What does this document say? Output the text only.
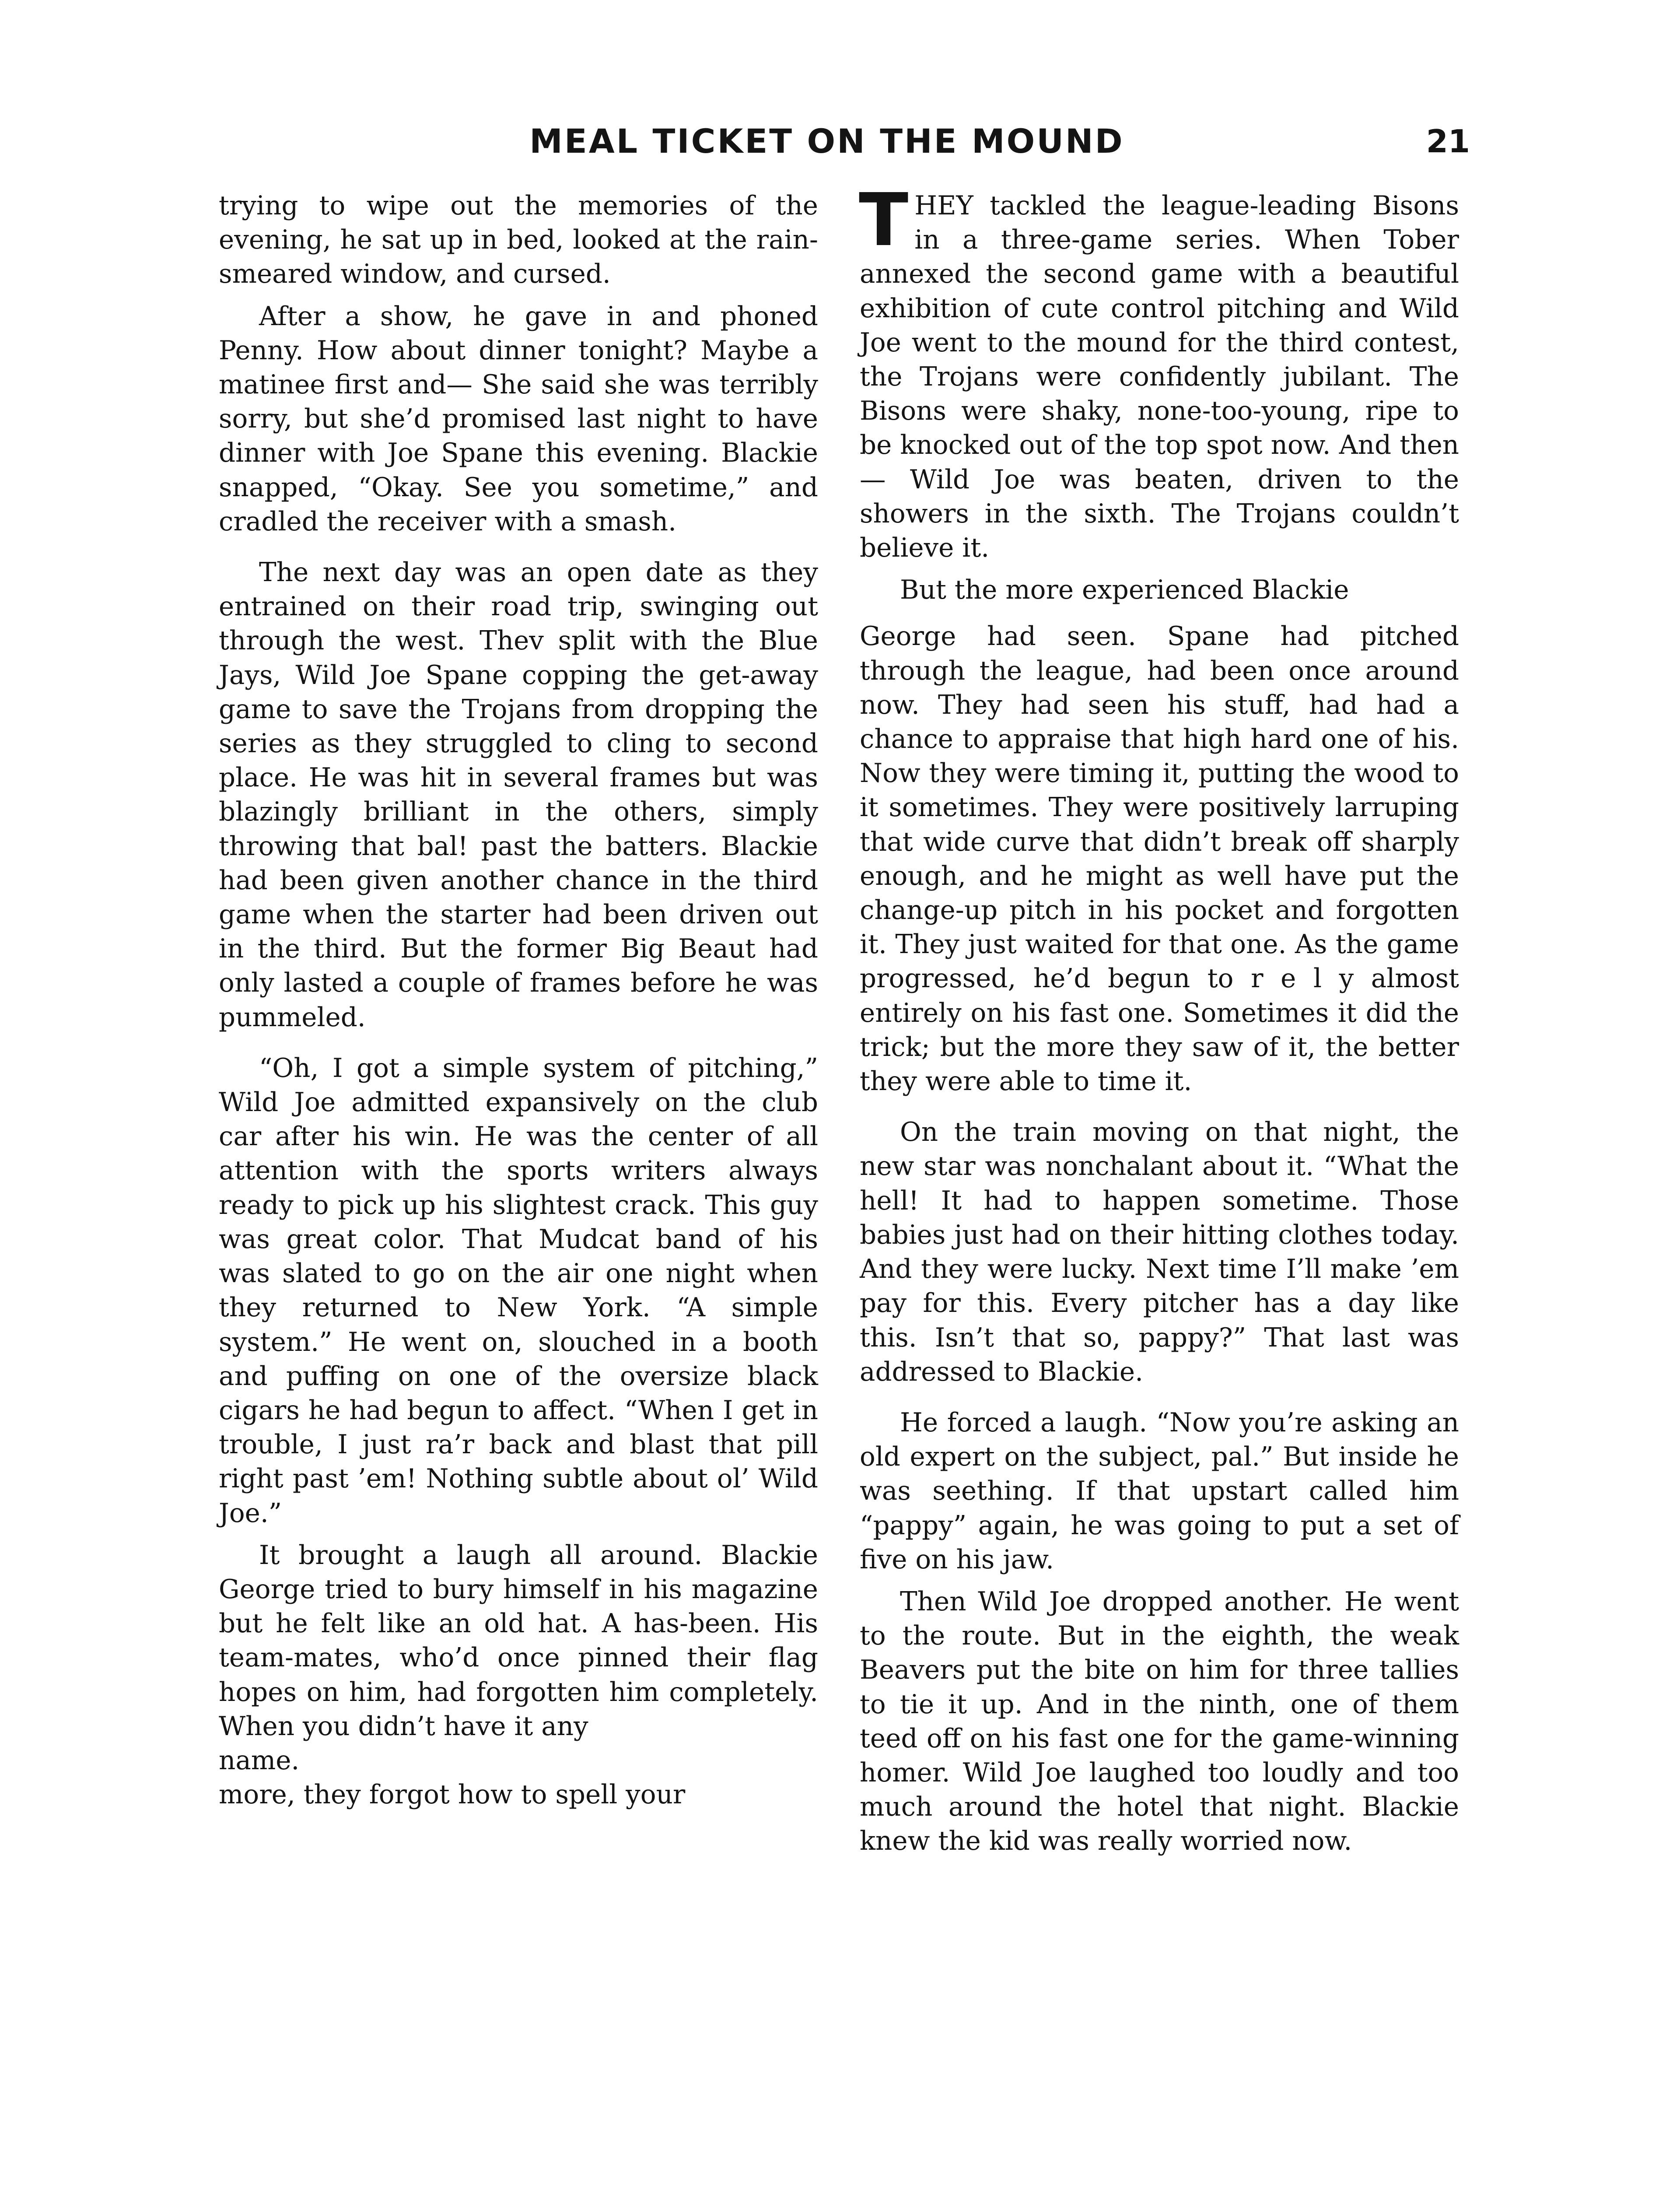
MEAL TICKET ON THE MOUND	21

trying to wipe out the memories of the evening, he sat up in bed, looked at the rain-smeared window, and cursed.

After a show, he gave in and phoned Penny. How about dinner tonight? Maybe a matinee first and— She said she was terribly sorry, but she’d promised last night to have dinner with Joe Spane this evening. Blackie snapped, “Okay. See you sometime,” and cradled the receiver with a smash.

The next day was an open date as they entrained on their road trip, swinging out through the west. Thev split with the Blue Jays, Wild Joe Spane copping the get-away game to save the Trojans from dropping the series as they struggled to cling to second place. He was hit in several frames but was blazingly brilliant in the others, simply throwing that bal! past the batters. Blackie had been given another chance in the third game when the starter had been driven out in the third. But the former Big Beaut had only lasted a couple of frames before he was pummeled.

“Oh, I got a simple system of pitching,” Wild Joe admitted expansively on the club car after his win. He was the center of all attention with the sports writers always ready to pick up his slightest crack. This guy was great color. That Mudcat band of his was slated to go on the air one night when they returned to New York. “A simple system.” He went on, slouched in a booth and puffing on one of the oversize black cigars he had begun to affect. “When I get in trouble, I just ra’r back and blast that pill right past ’em! Nothing subtle about ol’ Wild Joe.”

It brought a laugh all around. Blackie George tried to bury himself in his magazine but he felt like an old hat. A has-been. His team-mates, who’d once pinned their flag hopes on him, had forgotten him completely. When you didn’t have it any

name.

more, they forgot how to spell your

THEY tackled the league-leading Bisons in a three-game series. When Tober annexed the second game with a beautiful exhibition of cute control pitching and Wild Joe went to the mound for the third contest, the Trojans were confidently jubilant. The Bisons were shaky, none-too-young, ripe to be knocked out of the top spot now. And then— Wild Joe was beaten, driven to the showers in the sixth. The Trojans couldn’t believe it.

But the more experienced Blackie

George had seen. Spane had pitched through the league, had been once around now. They had seen his stuff, had had a chance to appraise that high hard one of his. Now they were timing it, putting the wood to it sometimes. They were positively larruping that wide curve that didn’t break off sharply enough, and he might as well have put the change-up pitch in his pocket and forgotten it. They just waited for that one. As the game progressed, he’d begun to r e l y almost entirely on his fast one. Sometimes it did the trick; but the more they saw of it, the better they were able to time it.

On the train moving on that night, the new star was nonchalant about it. “What the hell! It had to happen sometime. Those babies just had on their hitting clothes today. And they were lucky. Next time I’ll make ’em pay for this. Every pitcher has a day like this. Isn’t that so, pappy?” That last was addressed to Blackie.

He forced a laugh. “Now you’re asking an old expert on the subject, pal.” But inside he was seething. If that upstart called him “pappy” again, he was going to put a set of five on his jaw.

Then Wild Joe dropped another. He went to the route. But in the eighth, the weak Beavers put the bite on him for three tallies to tie it up. And in the ninth, one of them teed off on his fast one for the game-winning homer. Wild Joe laughed too loudly and too much around the hotel that night. Blackie knew the kid was really worried now.
